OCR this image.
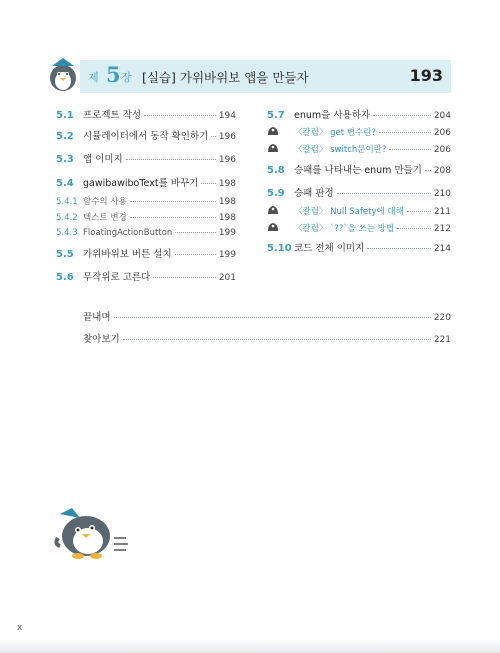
제 5 장 [실습] 가위바위보 앱을 만들자	193
5.1 프로젝트 작성	194
5.2 시뮬레이터에서 동작 확인하기 196
5.3 앱 이미지	196
5.4 gawibawiboText를 바꾸기 198
5.4.1 함수의 사용	198
5.4.2 텍스트 변경	198
5.4.3 FloatingActionButton	199
5.5 가위바위보 버튼 설치	199
5.6 무작위로 고른다	201
5.7 enum을 사용하자	204
〈칼럼〉 get 변수란?	206
〈칼럼〉 switch문이란?	206
5.8 승패를 나타내는 enum 만들기 208
5.9 승패 판정	210
〈칼럼〉 Null Safety에 대해	211
〈칼럼〉 `??`을 쓰는 방법	212
5.10 코드 전체 이미지	214
끝내며	220
찾아보기	221
x
